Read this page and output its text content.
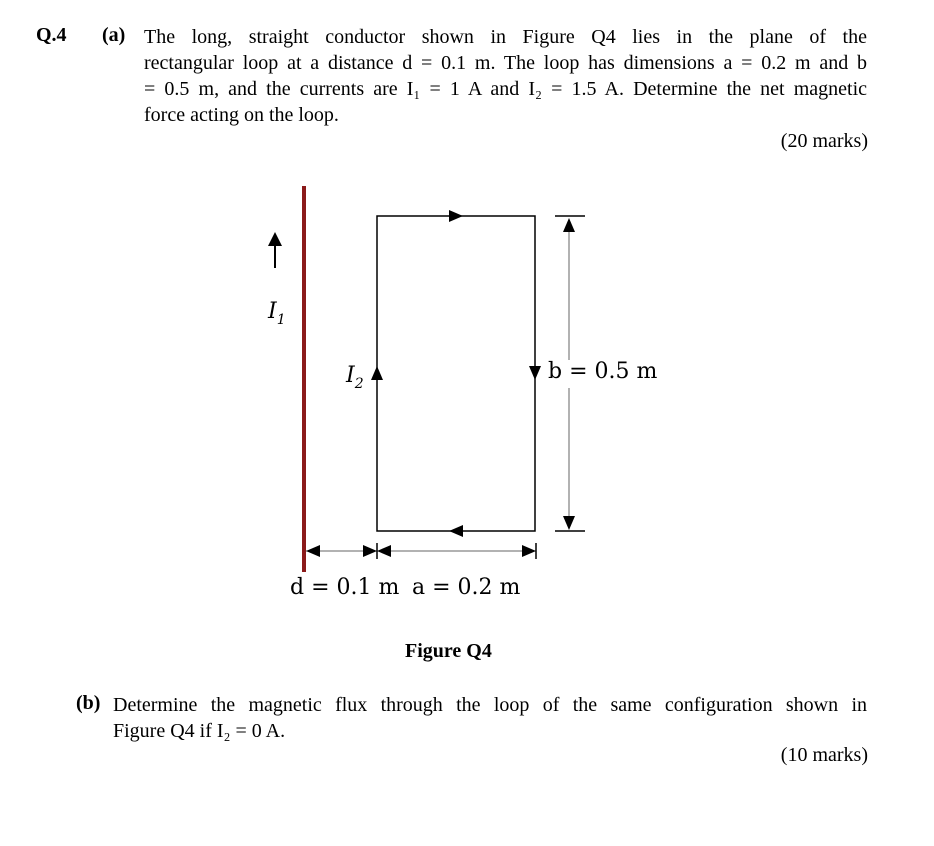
Q.4 (a) The long, straight conductor shown in Figure Q4 lies in the plane of the
rectangular loop at a distance d = 0.1 m. The loop has dimensions a = 0.2 m and b
= 0.5 m, and the currents are I₁ = 1 A and I₂ = 1.5 A. Determine the net magnetic
force acting on the loop.
(20 marks)
$I_1$
$I_2$	b = 0.5 m
d = 0.1 m a = 0.2 m
Figure Q4
(b) Determine the magnetic flux through the loop of the same configuration shown in
Figure Q4 if I₂ = 0 A.
(10 marks)
